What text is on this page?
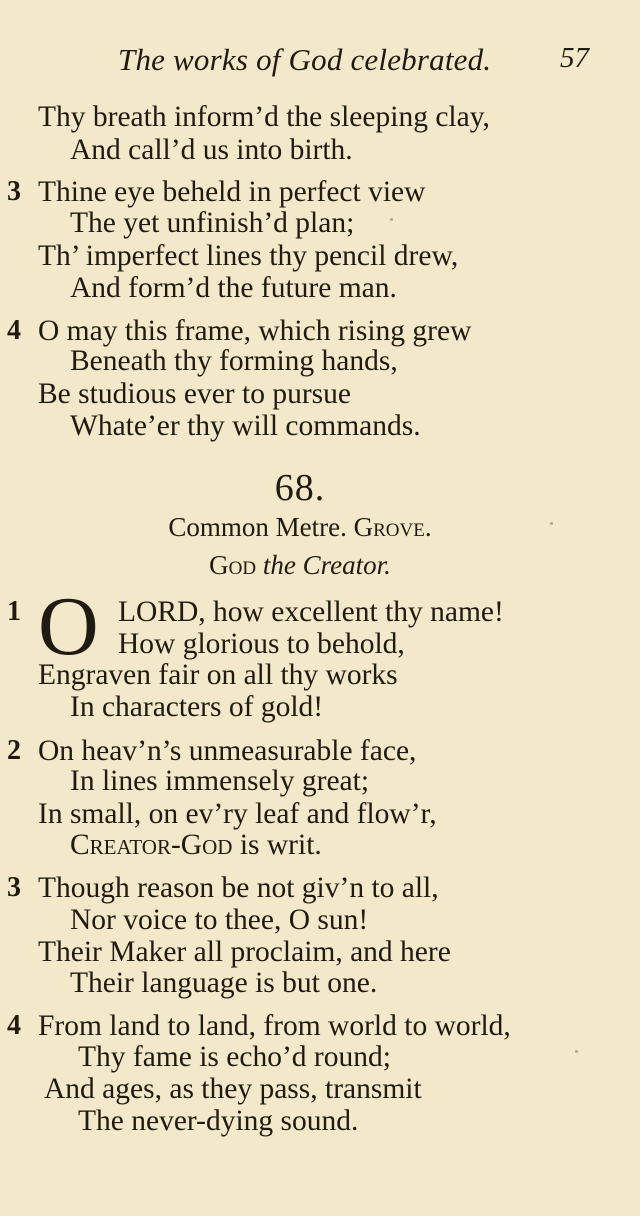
The works of God celebrated. 57
Thy breath inform’d the sleeping clay,
And call’d us into birth.
3 Thine eye beheld in perfect view
The yet unfinish’d plan;
Th’ imperfect lines thy pencil drew,
And form’d the future man.
4 O may this frame, which rising grew
Beneath thy forming hands,
Be studious ever to pursue
Whate’er thy will commands.
68.
Common Metre. Grove.
God the Creator.
1 O LORD, how excellent thy name!
How glorious to behold,
Engraven fair on all thy works
In characters of gold!
2 On heav’n’s unmeasurable face,
In lines immensely great;
In small, on ev’ry leaf and flow’r,
Creator-God is writ.
3 Though reason be not giv’n to all,
Nor voice to thee, O sun!
Their Maker all proclaim, and here
Their language is but one.
4 From land to land, from world to world,
Thy fame is echo’d round;
And ages, as they pass, transmit
The never-dying sound.
